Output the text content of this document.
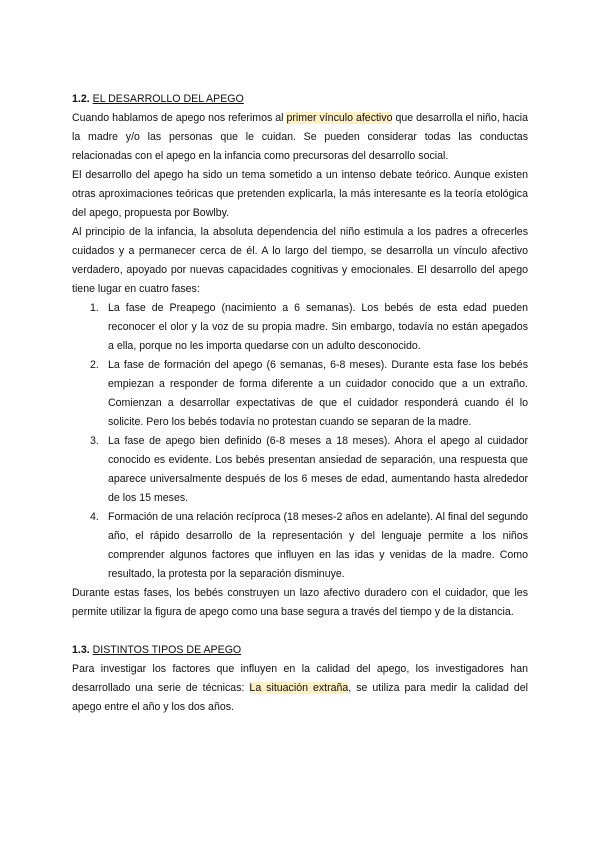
1.2. EL DESARROLLO DEL APEGO

Cuando hablamos de apego nos referimos al primer vínculo afectivo que desarrolla el niño, hacia la madre y/o las personas que le cuidan. Se pueden considerar todas las conductas relacionadas con el apego en la infancia como precursoras del desarrollo social.

El desarrollo del apego ha sido un tema sometido a un intenso debate teórico. Aunque existen otras aproximaciones teóricas que pretenden explicarla, la más interesante es la teoría etológica del apego, propuesta por Bowlby.

Al principio de la infancia, la absoluta dependencia del niño estimula a los padres a ofrecerles cuidados y a permanecer cerca de él. A lo largo del tiempo, se desarrolla un vínculo afectivo verdadero, apoyado por nuevas capacidades cognitivas y emocionales. El desarrollo del apego tiene lugar en cuatro fases:

1. La fase de Preapego (nacimiento a 6 semanas). Los bebés de esta edad pueden reconocer el olor y la voz de su propia madre. Sin embargo, todavía no están apegados a ella, porque no les importa quedarse con un adulto desconocido.
2. La fase de formación del apego (6 semanas, 6-8 meses). Durante esta fase los bebés empiezan a responder de forma diferente a un cuidador conocido que a un extraño. Comienzan a desarrollar expectativas de que el cuidador responderá cuando él lo solicite. Pero los bebés todavía no protestan cuando se separan de la madre.
3. La fase de apego bien definido (6-8 meses a 18 meses). Ahora el apego al cuidador conocido es evidente. Los bebés presentan ansiedad de separación, una respuesta que aparece universalmente después de los 6 meses de edad, aumentando hasta alrededor de los 15 meses.
4. Formación de una relación recíproca (18 meses-2 años en adelante). Al final del segundo año, el rápido desarrollo de la representación y del lenguaje permite a los niños comprender algunos factores que influyen en las idas y venidas de la madre. Como resultado, la protesta por la separación disminuye.

Durante estas fases, los bebés construyen un lazo afectivo duradero con el cuidador, que les permite utilizar la figura de apego como una base segura a través del tiempo y de la distancia.

1.3. DISTINTOS TIPOS DE APEGO

Para investigar los factores que influyen en la calidad del apego, los investigadores han desarrollado una serie de técnicas: La situación extraña, se utiliza para medir la calidad del apego entre el año y los dos años.
